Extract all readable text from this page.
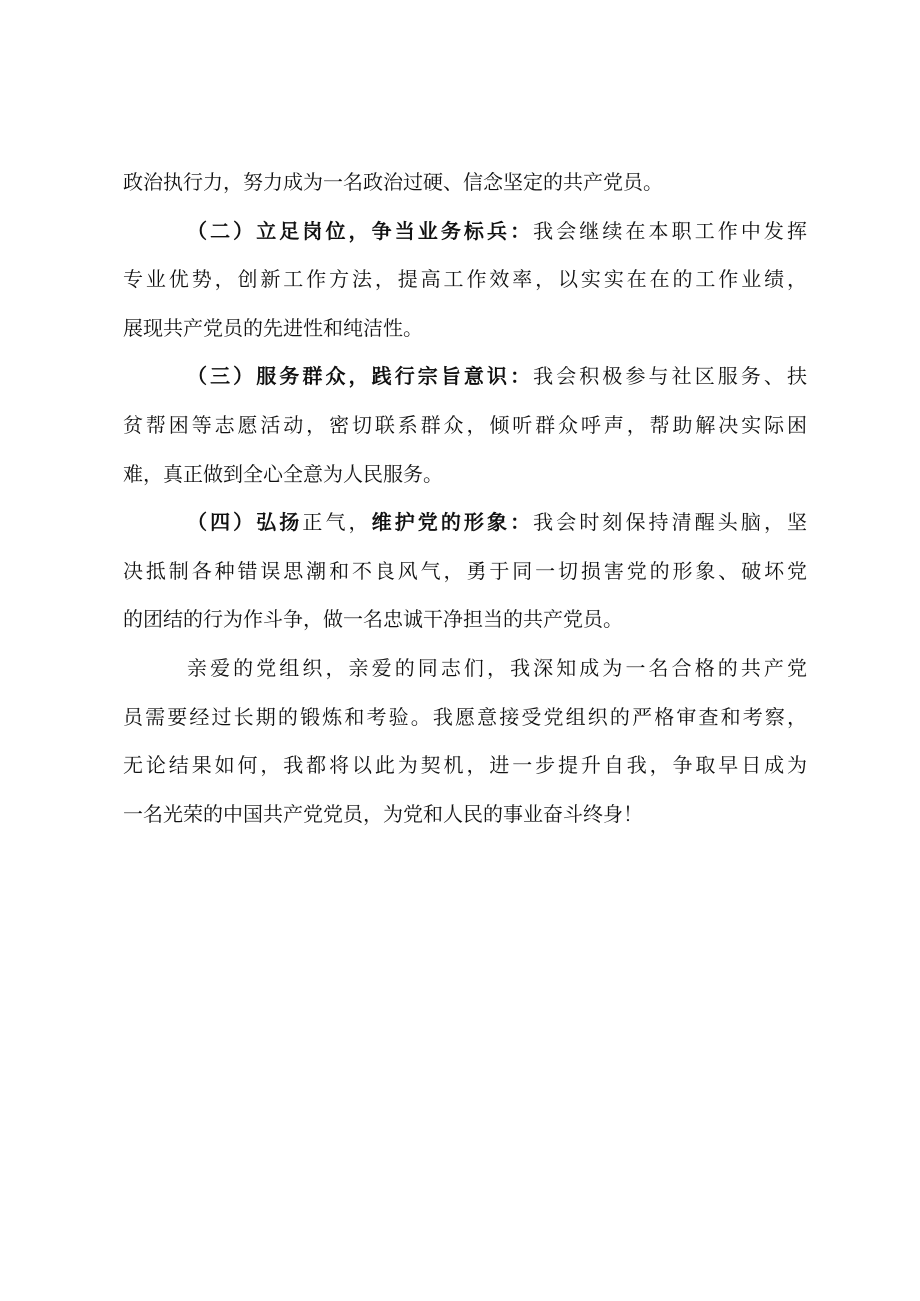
政治执行力，努力成为一名政治过硬、信念坚定的共产党员。
（二）立足岗位，争当业务标兵：我会继续在本职工作中发挥
专业优势，创新工作方法，提高工作效率，以实实在在的工作业绩，
展现共产党员的先进性和纯洁性。
（三）服务群众，践行宗旨意识：我会积极参与社区服务、扶
贫帮困等志愿活动，密切联系群众，倾听群众呼声，帮助解决实际困
难，真正做到全心全意为人民服务。
（四）弘扬正气，维护党的形象：我会时刻保持清醒头脑，坚
决抵制各种错误思潮和不良风气，勇于同一切损害党的形象、破坏党
的团结的行为作斗争，做一名忠诚干净担当的共产党员。
亲爱的党组织，亲爱的同志们，我深知成为一名合格的共产党
员需要经过长期的锻炼和考验。我愿意接受党组织的严格审查和考察，
无论结果如何，我都将以此为契机，进一步提升自我，争取早日成为
一名光荣的中国共产党党员，为党和人民的事业奋斗终身！
